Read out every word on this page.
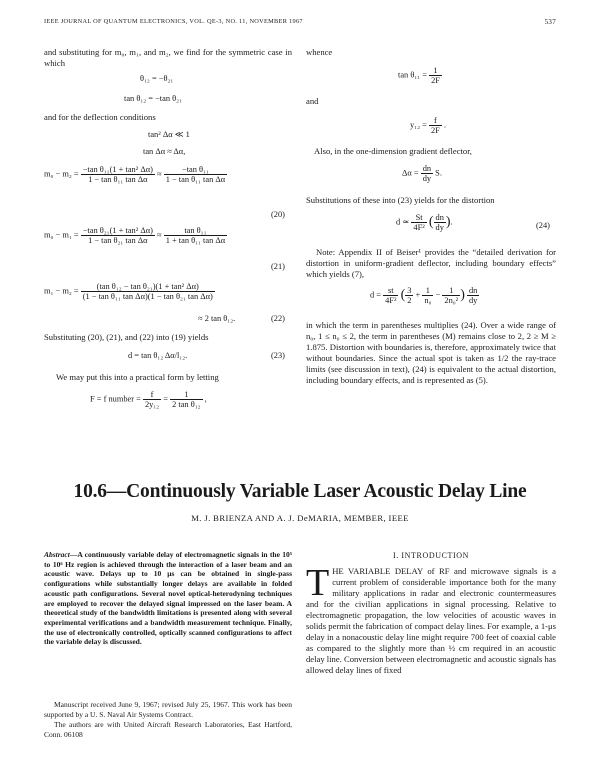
IEEE JOURNAL OF QUANTUM ELECTRONICS, VOL. QE-3, NO. 11, NOVEMBER 1967	537
and substituting for m₀, m₁, and m₂, we find for the symmetric case in which
θ₁₂ = −θ₂₁
tan θ₁₂ = −tan θ₂₁
and for the deflection conditions
tan² Δα ≪ 1
tan Δα ≈ Δα,
$m_0 - m_2 = \frac{\text{−tan θ₁₁(1 + tan² Δα)}}{\text{1 − tan θ₁₁ tan Δα}} \approx \frac{\text{−tan θ₁₁}}{\text{1 − tan θ₁₁ tan Δα}}$
(20)
$m_0 - m_1 = \frac{\text{−tan θ₂₁(1 + tan² Δα)}}{\text{1 − tan θ₂₁ tan Δα}} \approx \frac{\text{tan θ₁₁}}{\text{1 + tan θ₁₁ tan Δα}}$
(21)
$m_1 - m_2 = \frac{\text{(tan θ₁₂ − tan θ₂₁)(1 + tan² Δα)}}{\text{(1 − tan θ₁₁ tan Δα)(1 − tan θ₂₁ tan Δα)}}$
≈ 2 tan θ₁₂.	(22)
Substituting (20), (21), and (22) into (19) yields
d = tan θ₁₂ Δα/l₁₂.	(23)
We may put this into a practical form by letting
F = f number = $\frac{f}{\text{2y₁₂}} = \frac{1}{\text{2 tan θ₁₂}}$ ,
whence
$\tan \theta_{11} = \frac{1}{2F}$
and
$y_{12} = \frac{f}{2F}$ .
Also, in the one-dimension gradient deflector,
$\Delta\alpha = \frac{dn}{dy} S$.
Substitutions of these into (23) yields for the distortion
d ≃ $\frac{St}{\text{4F²}}$ ( $\frac{dn}{dy}$ ).	(24)
Note: Appendix II of Beiser¹ provides the “detailed derivation for distortion in uniform-gradient deflector, including boundary effects” which yields (7),
$d = \frac{st}{\text{4F²}}$ ( $\frac{3}{2} + \frac{1}{\text{n₀}} - \frac{1}{\text{2n₀²}}$ ) $\frac{dn}{dy}$
in which the term in parentheses multiplies (24). Over a wide range of n₀, 1 ≤ n₀ ≤ 2, the term in parentheses (M) remains close to 2, 2 ≥ M ≥ 1.875. Distortion with boundaries is, therefore, approximately twice that without boundaries. Since the actual spot is taken as 1/2 the ray-trace limits (see discussion in text), (24) is equivalent to the actual distortion, including boundary effects, and is represented as (5).
10.6—Continuously Variable Laser Acoustic Delay Line
M. J. BRIENZA AND A. J. DeMARIA, MEMBER, IEEE
Abstract—A continuously variable delay of electromagnetic signals in the 10⁵ to 10⁶ Hz region is achieved through the interaction of a laser beam and an acoustic wave. Delays up to 10 μs can be obtained in single-pass configurations while substantially longer delays are available in folded acoustic path configurations. Several novel optical-heterodyning techniques are employed to recover the delayed signal impressed on the laser beam. A theoretical study of the bandwidth limitations is presented along with several experimental verifications and a bandwidth measurement technique. Finally, the use of electronically controlled, optically scanned configurations to affect the variable delay is discussed.
Manuscript received June 9, 1967; revised July 25, 1967. This work has been supported by a U. S. Naval Air Systems Contract.
The authors are with United Aircraft Research Laboratories, East Hartford, Conn. 06108
I. INTRODUCTION
THE VARIABLE DELAY of RF and microwave signals is a current problem of considerable importance both for the many military applications in radar and electronic countermeasures and for the civilian applications in signal processing. Relative to electromagnetic propagation, the low velocities of acoustic waves in solids permit the fabrication of compact delay lines. For example, a 1-μs delay in a nonacoustic delay line might require 700 feet of coaxial cable as compared to the slightly more than ½ cm required in an acoustic delay line. Conversion between electromagnetic and acoustic signals has allowed delay lines of fixed
